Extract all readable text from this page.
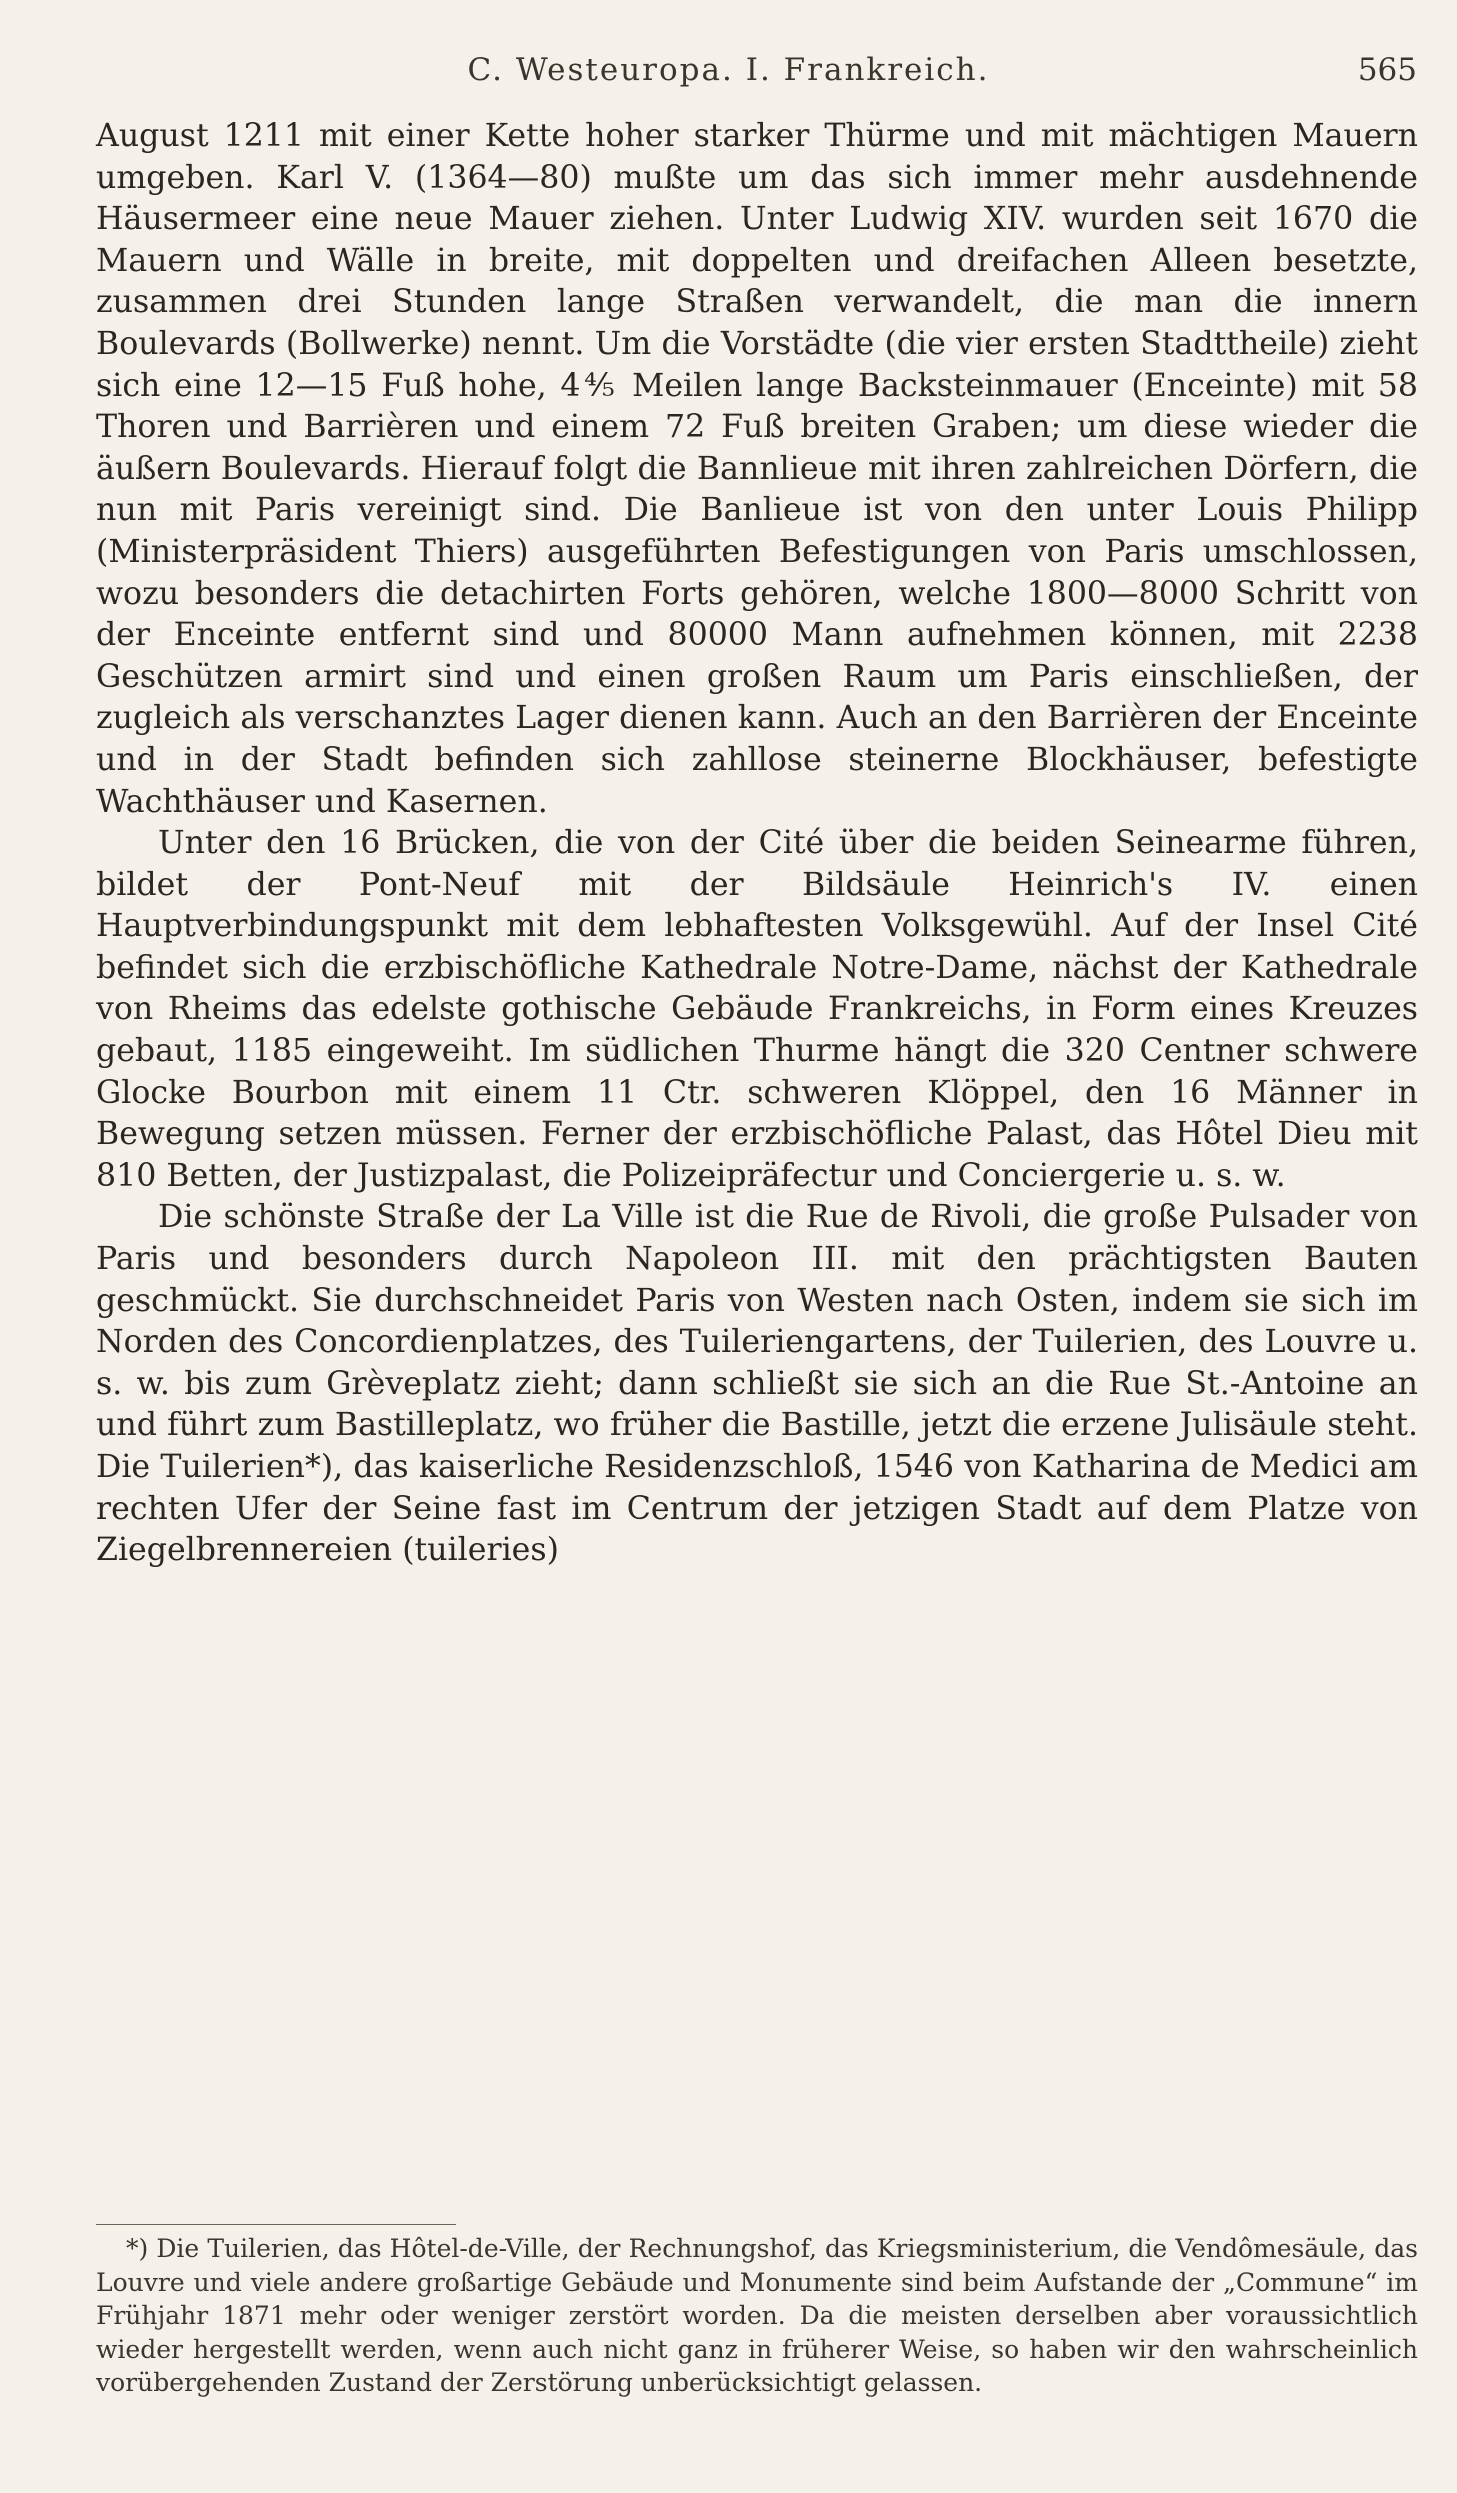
C. Westeuropa. I. Frankreich.	565

August 1211 mit einer Kette hoher starker Thürme und mit mächtigen Mauern umgeben. Karl V. (1364—80) mußte um das sich immer mehr ausdehnende Häusermeer eine neue Mauer ziehen. Unter Ludwig XIV. wurden seit 1670 die Mauern und Wälle in breite, mit doppelten und dreifachen Alleen besetzte, zusammen drei Stunden lange Straßen verwandelt, die man die innern Boulevards (Bollwerke) nennt. Um die Vorstädte (die vier ersten Stadttheile) zieht sich eine 12—15 Fuß hohe, 4⅘ Meilen lange Backsteinmauer (Enceinte) mit 58 Thoren und Barrièren und einem 72 Fuß breiten Graben; um diese wieder die äußern Boulevards. Hierauf folgt die Bannlieue mit ihren zahlreichen Dörfern, die nun mit Paris vereinigt sind. Die Banlieue ist von den unter Louis Philipp (Ministerpräsident Thiers) ausgeführten Befestigungen von Paris umschlossen, wozu besonders die detachirten Forts gehören, welche 1800—8000 Schritt von der Enceinte entfernt sind und 80000 Mann aufnehmen können, mit 2238 Geschützen armirt sind und einen großen Raum um Paris einschließen, der zugleich als verschanztes Lager dienen kann. Auch an den Barrièren der Enceinte und in der Stadt befinden sich zahllose steinerne Blockhäuser, befestigte Wachthäuser und Kasernen.

Unter den 16 Brücken, die von der Cité über die beiden Seinearme führen, bildet der Pont-Neuf mit der Bildsäule Heinrich's IV. einen Hauptverbindungspunkt mit dem lebhaftesten Volksgewühl. Auf der Insel Cité befindet sich die erzbischöfliche Kathedrale Notre-Dame, nächst der Kathedrale von Rheims das edelste gothische Gebäude Frankreichs, in Form eines Kreuzes gebaut, 1185 eingeweiht. Im südlichen Thurme hängt die 320 Centner schwere Glocke Bourbon mit einem 11 Ctr. schweren Klöppel, den 16 Männer in Bewegung setzen müssen. Ferner der erzbischöfliche Palast, das Hôtel Dieu mit 810 Betten, der Justizpalast, die Polizeipräfectur und Conciergerie u. s. w.

Die schönste Straße der La Ville ist die Rue de Rivoli, die große Pulsader von Paris und besonders durch Napoleon III. mit den prächtigsten Bauten geschmückt. Sie durchschneidet Paris von Westen nach Osten, indem sie sich im Norden des Concordienplatzes, des Tuileriengartens, der Tuilerien, des Louvre u. s. w. bis zum Grèveplatz zieht; dann schließt sie sich an die Rue St.-Antoine an und führt zum Bastilleplatz, wo früher die Bastille, jetzt die erzene Julisäule steht. Die Tuilerien*), das kaiserliche Residenzschloß, 1546 von Katharina de Medici am rechten Ufer der Seine fast im Centrum der jetzigen Stadt auf dem Platze von Ziegelbrennereien (tuileries)

*) Die Tuilerien, das Hôtel-de-Ville, der Rechnungshof, das Kriegsministerium, die Vendômesäule, das Louvre und viele andere großartige Gebäude und Monumente sind beim Aufstande der „Commune“ im Frühjahr 1871 mehr oder weniger zerstört worden. Da die meisten derselben aber voraussichtlich wieder hergestellt werden, wenn auch nicht ganz in früherer Weise, so haben wir den wahrscheinlich vorübergehenden Zustand der Zerstörung unberücksichtigt gelassen.
